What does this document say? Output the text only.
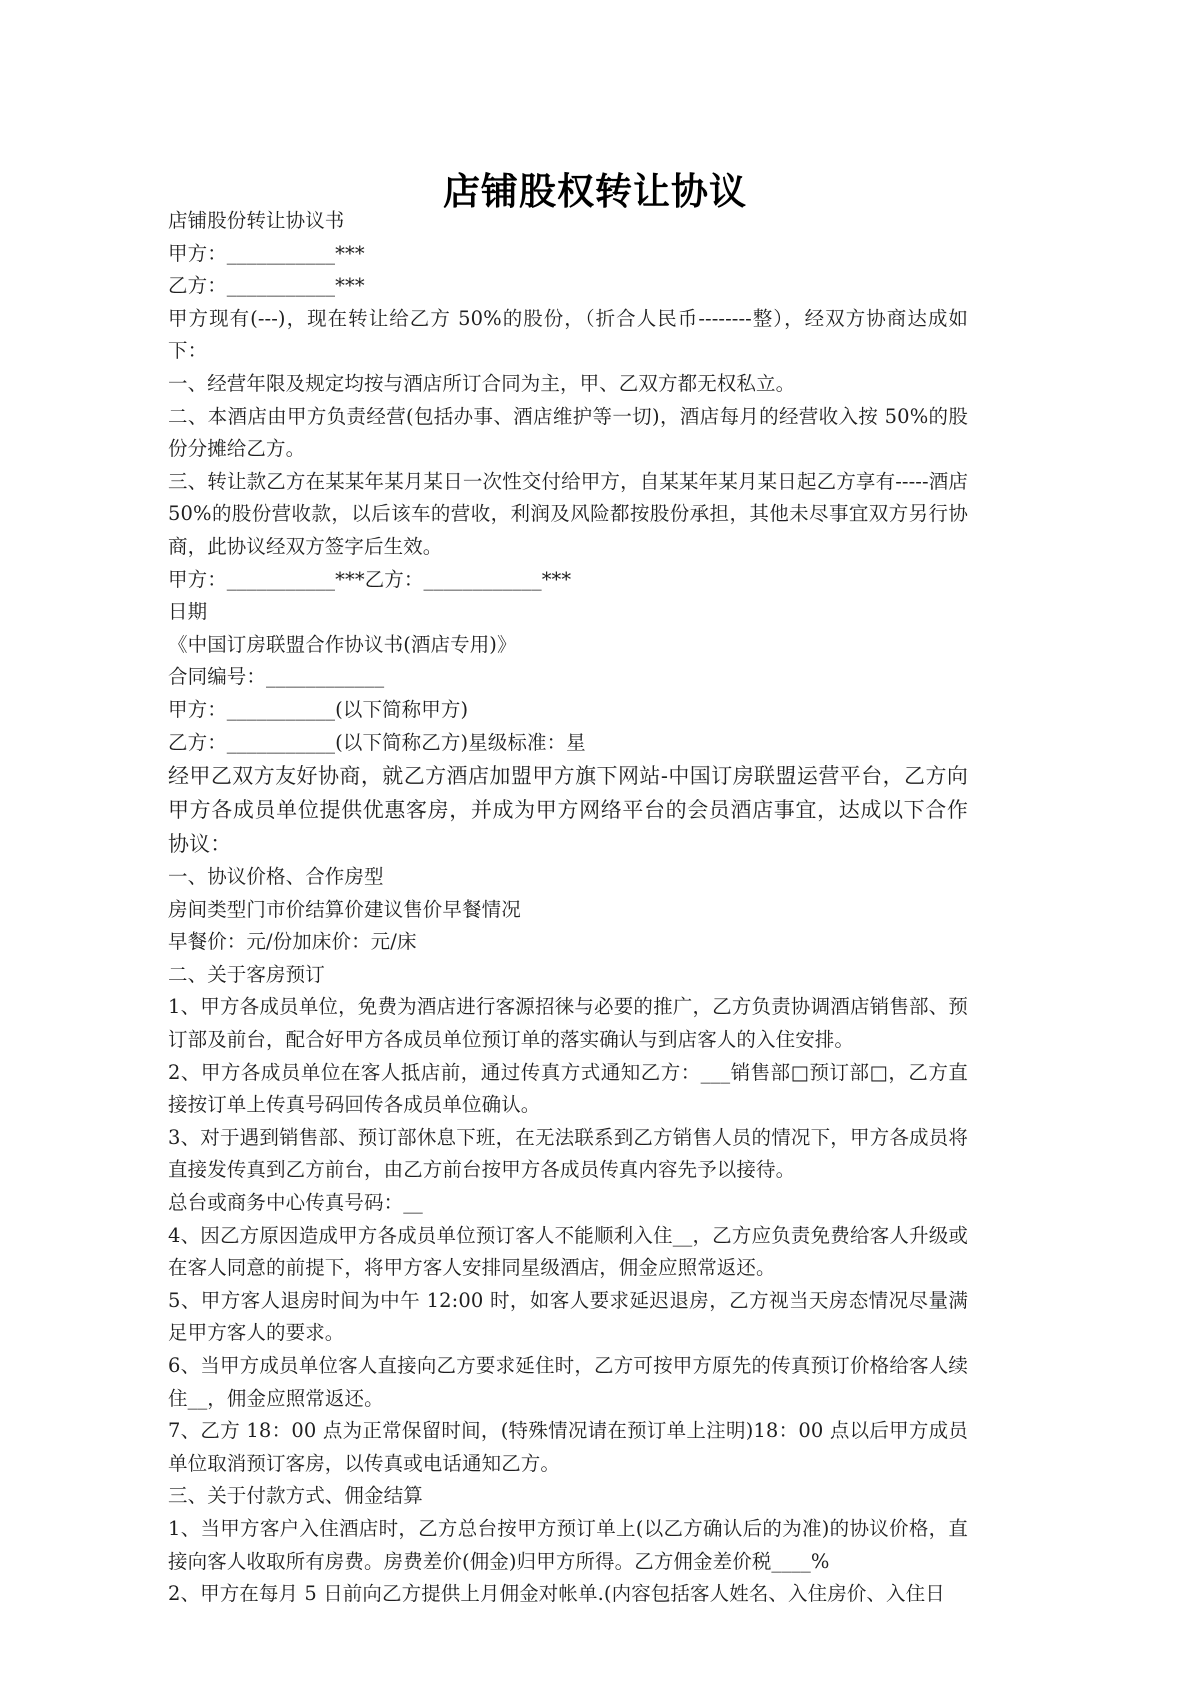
店铺股权转让协议

店铺股份转让协议书

甲方：___________***

乙方：___________***

甲方现有(---)，现在转让给乙方 50%的股份，（折合人民币--------整），经双方协商达成如下：

一、经营年限及规定均按与酒店所订合同为主，甲、乙双方都无权私立。

二、本酒店由甲方负责经营(包括办事、酒店维护等一切)，酒店每月的经营收入按 50%的股份分摊给乙方。

三、转让款乙方在某某年某月某日一次性交付给甲方，自某某年某月某日起乙方享有-----酒店 50%的股份营收款，以后该车的营收，利润及风险都按股份承担，其他未尽事宜双方另行协商，此协议经双方签字后生效。

甲方：___________***乙方：____________***

日期

《中国订房联盟合作协议书(酒店专用)》

合同编号：____________

甲方：___________(以下简称甲方)

乙方：___________(以下简称乙方)星级标准：星

经甲乙双方友好协商，就乙方酒店加盟甲方旗下网站-中国订房联盟运营平台，乙方向甲方各成员单位提供优惠客房，并成为甲方网络平台的会员酒店事宜，达成以下合作协议：

一、协议价格、合作房型

房间类型门市价结算价建议售价早餐情况

早餐价：元/份加床价：元/床

二、关于客房预订

1、甲方各成员单位，免费为酒店进行客源招徕与必要的推广，乙方负责协调酒店销售部、预订部及前台，配合好甲方各成员单位预订单的落实确认与到店客人的入住安排。

2、甲方各成员单位在客人抵店前，通过传真方式通知乙方：___销售部□预订部□，乙方直接按订单上传真号码回传各成员单位确认。

3、对于遇到销售部、预订部休息下班，在无法联系到乙方销售人员的情况下，甲方各成员将直接发传真到乙方前台，由乙方前台按甲方各成员传真内容先予以接待。

总台或商务中心传真号码：__

4、因乙方原因造成甲方各成员单位预订客人不能顺利入住__，乙方应负责免费给客人升级或在客人同意的前提下，将甲方客人安排同星级酒店，佣金应照常返还。

5、甲方客人退房时间为中午 12:00 时，如客人要求延迟退房，乙方视当天房态情况尽量满足甲方客人的要求。

6、当甲方成员单位客人直接向乙方要求延住时，乙方可按甲方原先的传真预订价格给客人续住__，佣金应照常返还。

7、乙方 18：00 点为正常保留时间，(特殊情况请在预订单上注明)18：00 点以后甲方成员单位取消预订客房，以传真或电话通知乙方。

三、关于付款方式、佣金结算

1、当甲方客户入住酒店时，乙方总台按甲方预订单上(以乙方确认后的为准)的协议价格，直接向客人收取所有房费。房费差价(佣金)归甲方所得。乙方佣金差价税____%

2、甲方在每月 5 日前向乙方提供上月佣金对帐单.(内容包括客人姓名、入住房价、入住日
